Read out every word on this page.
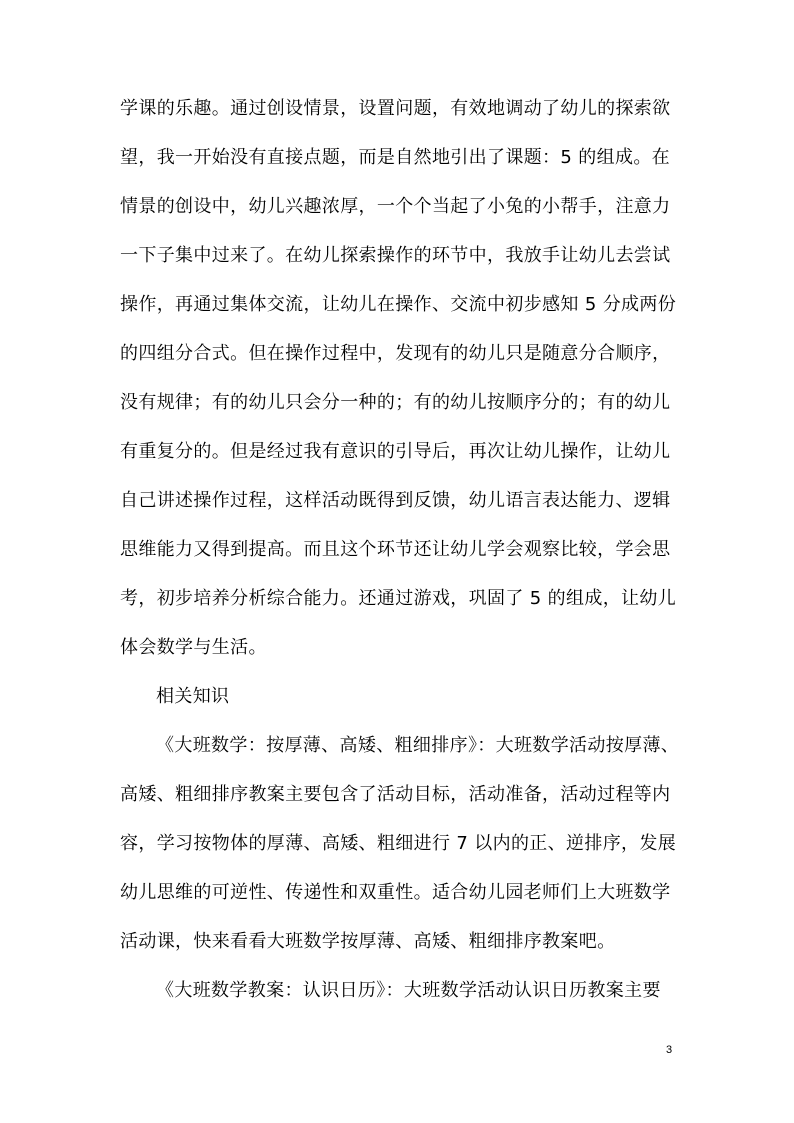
学课的乐趣。通过创设情景，设置问题，有效地调动了幼儿的探索欲
望，我一开始没有直接点题，而是自然地引出了课题：5 的组成。在
情景的创设中，幼儿兴趣浓厚，一个个当起了小兔的小帮手，注意力
一下子集中过来了。在幼儿探索操作的环节中，我放手让幼儿去尝试
操作，再通过集体交流，让幼儿在操作、交流中初步感知 5 分成两份
的四组分合式。但在操作过程中，发现有的幼儿只是随意分合顺序，
没有规律；有的幼儿只会分一种的；有的幼儿按顺序分的；有的幼儿
有重复分的。但是经过我有意识的引导后，再次让幼儿操作，让幼儿
自己讲述操作过程，这样活动既得到反馈，幼儿语言表达能力、逻辑
思维能力又得到提高。而且这个环节还让幼儿学会观察比较，学会思
考，初步培养分析综合能力。还通过游戏，巩固了 5 的组成，让幼儿
体会数学与生活。
相关知识
《大班数学：按厚薄、高矮、粗细排序》：大班数学活动按厚薄、
高矮、粗细排序教案主要包含了活动目标，活动准备，活动过程等内
容，学习按物体的厚薄、高矮、粗细进行 7 以内的正、逆排序，发展
幼儿思维的可逆性、传递性和双重性。适合幼儿园老师们上大班数学
活动课，快来看看大班数学按厚薄、高矮、粗细排序教案吧。
《大班数学教案：认识日历》：大班数学活动认识日历教案主要
3
